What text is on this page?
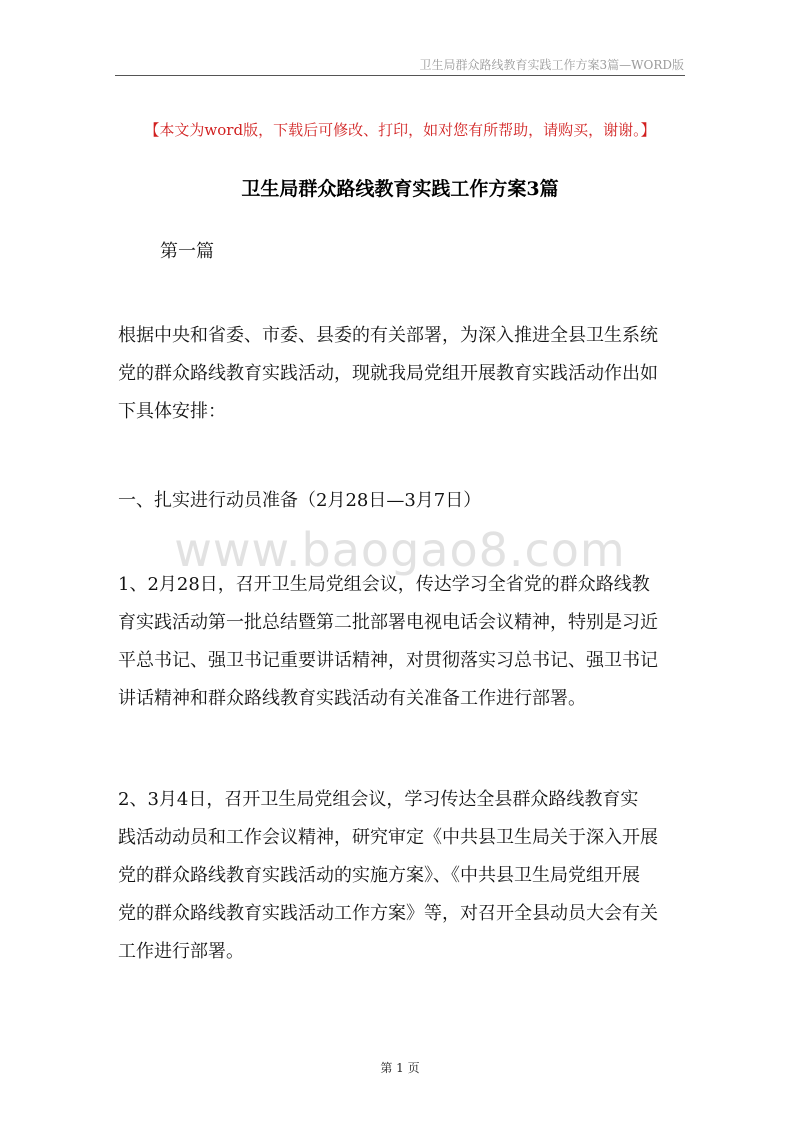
卫生局群众路线教育实践工作方案3篇—WORD版
【本文为word版，下载后可修改、打印，如对您有所帮助，请购买，谢谢。】
卫生局群众路线教育实践工作方案3篇
第一篇
根据中央和省委、市委、县委的有关部署，为深入推进全县卫生系统
党的群众路线教育实践活动，现就我局党组开展教育实践活动作出如
下具体安排：
一、扎实进行动员准备（2月28日—3月7日）
www.baogao8.com
1、2月28日，召开卫生局党组会议，传达学习全省党的群众路线教
育实践活动第一批总结暨第二批部署电视电话会议精神，特别是习近
平总书记、强卫书记重要讲话精神，对贯彻落实习总书记、强卫书记
讲话精神和群众路线教育实践活动有关准备工作进行部署。
2、3月4日，召开卫生局党组会议，学习传达全县群众路线教育实
践活动动员和工作会议精神，研究审定《中共县卫生局关于深入开展
党的群众路线教育实践活动的实施方案》、《中共县卫生局党组开展
党的群众路线教育实践活动工作方案》等，对召开全县动员大会有关
工作进行部署。
第 1 页
